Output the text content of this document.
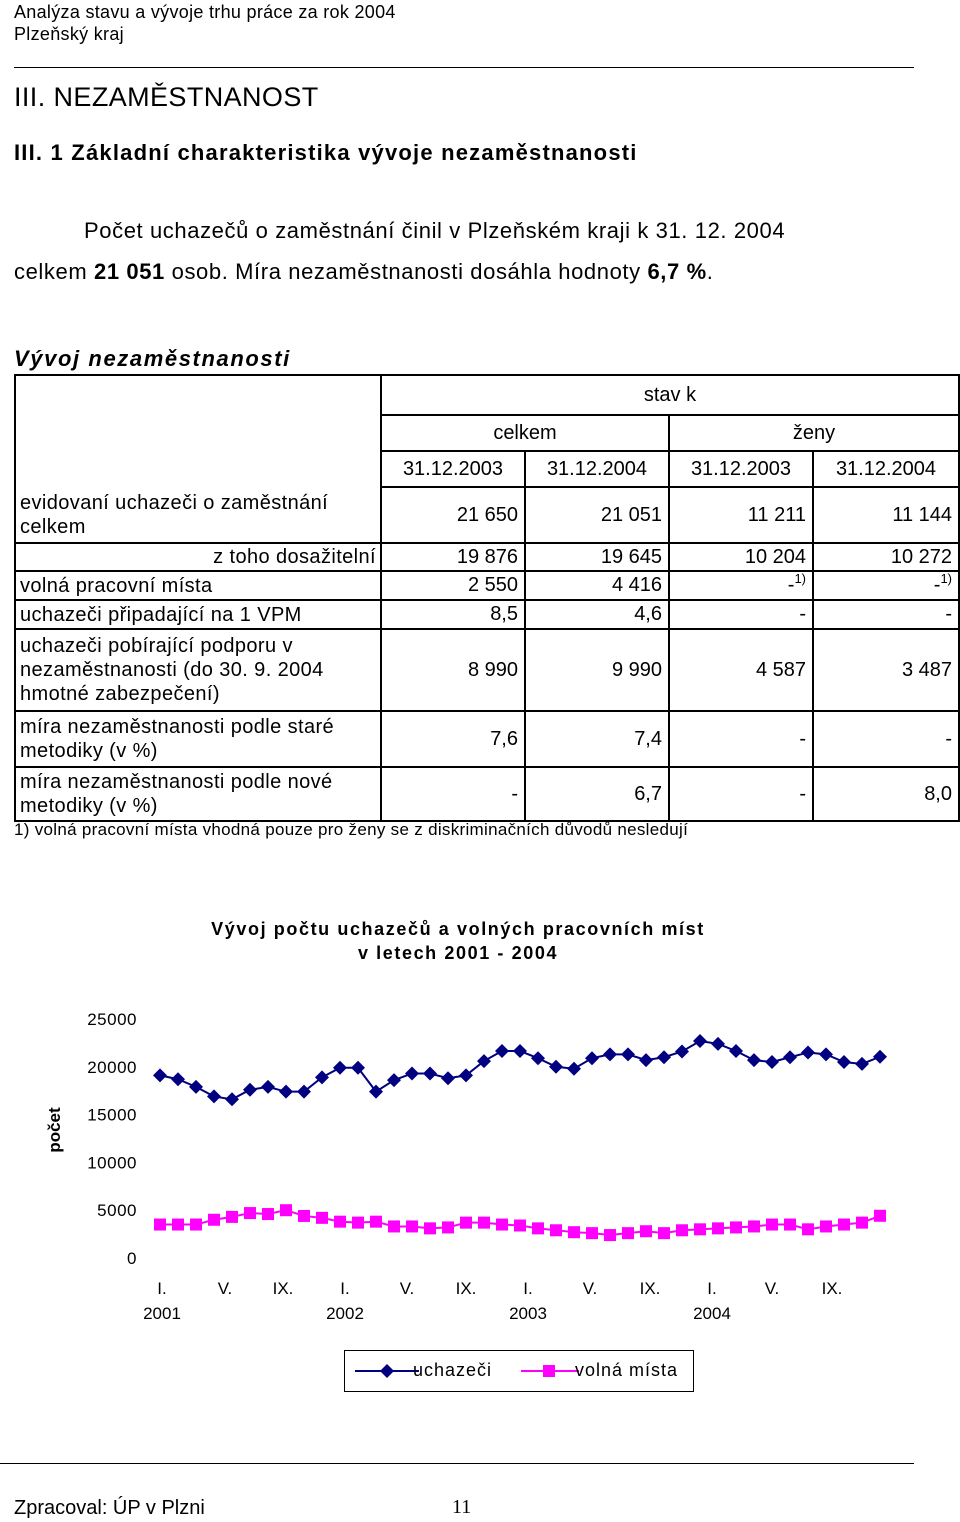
Analýza stavu a vývoje trhu práce za rok 2004
Plzeňský kraj
III. NEZAMĚSTNANOST
III. 1 Základní charakteristika vývoje nezaměstnanosti
Počet uchazečů o zaměstnání činil v Plzeňském kraji k 31. 12. 2004
celkem 21 051 osob. Míra nezaměstnanosti dosáhla hodnoty 6,7 %.
Vývoj nezaměstnanosti
	stav k			
	celkem		ženy	
	31.12.2003	31.12.2004	31.12.2003	31.12.2004
evidovaní uchazeči o zaměstnání celkem	21 650	21 051	11 211	11 144
z toho dosažitelní	19 876	19 645	10 204	10 272
volná pracovní místa	2 550	4 416	-$^{1)}$	-$^{1)}$
uchazeči připadající na 1 VPM	8,5	4,6	-	-
uchazeči pobírající podporu v nezaměstnanosti (do 30. 9. 2004 hmotné zabezpečení)	8 990	9 990	4 587	3 487
míra nezaměstnanosti podle staré metodiky (v %)	7,6	7,4	-	-
míra nezaměstnanosti podle nové metodiky (v %)	-	6,7	-	8,0
1) volná pracovní místa vhodná pouze pro ženy se z diskriminačních důvodů nesledují
Vývoj počtu uchazečů a volných pracovních míst
v letech 2001 - 2004
počet
0
5000
10000
15000
20000
25000
I.	V. IX.	I.	V. IX.	I.	V. IX.	I.	V. IX.
2001	2002	2003	2004
uchazeči	volná místa
Zpracoval: ÚP v Plzni	11
